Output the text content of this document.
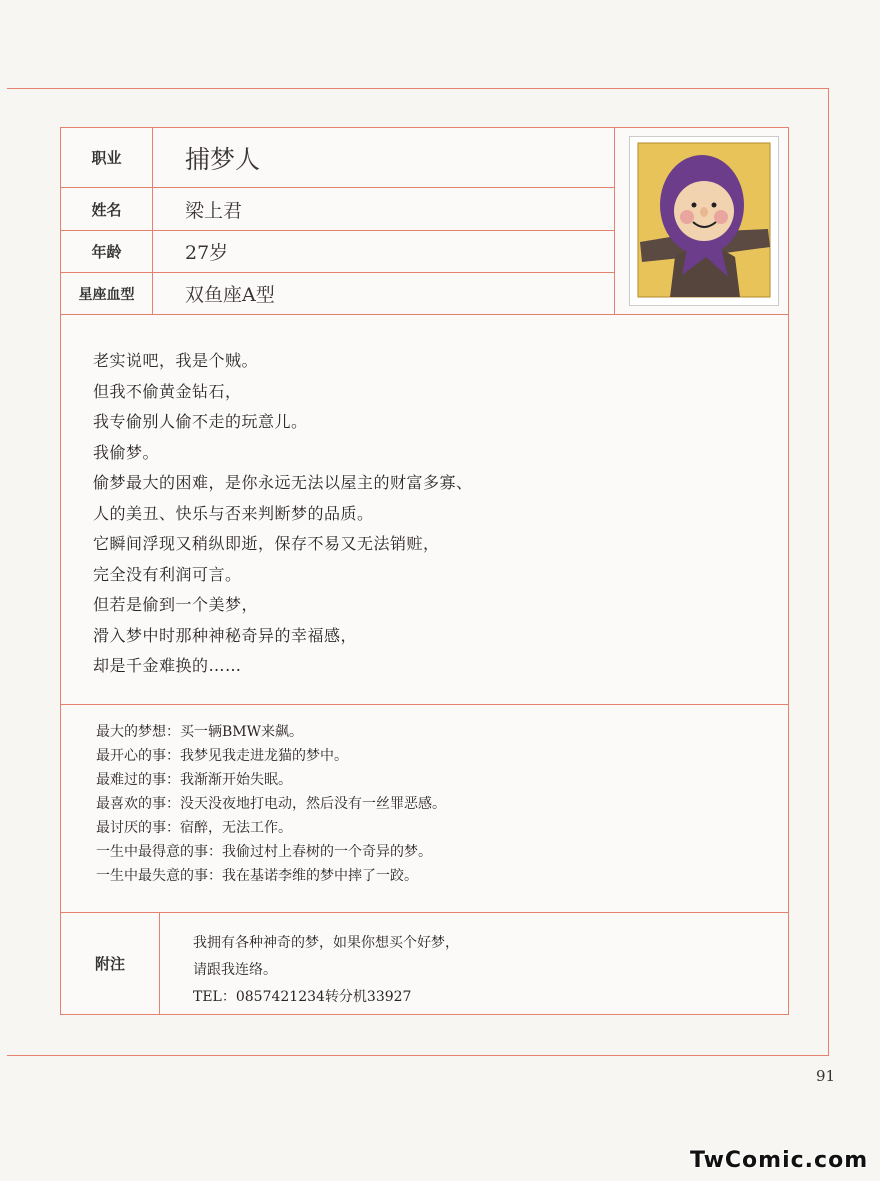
职业
姓名
年龄
星座血型
捕梦人
梁上君
27岁
双鱼座A型

老实说吧，我是个贼。

但我不偷黄金钻石，

我专偷别人偷不走的玩意儿。

我偷梦。

偷梦最大的困难，是你永远无法以屋主的财富多寡、

人的美丑、快乐与否来判断梦的品质。

它瞬间浮现又稍纵即逝，保存不易又无法销赃，

完全没有利润可言。

但若是偷到一个美梦，

滑入梦中时那种神秘奇异的幸福感，

却是千金难换的……

最大的梦想：买一辆BMW来飙。

最开心的事：我梦见我走进龙猫的梦中。

最难过的事：我渐渐开始失眠。

最喜欢的事：没天没夜地打电动，然后没有一丝罪恶感。

最讨厌的事：宿醉，无法工作。

一生中最得意的事：我偷过村上春树的一个奇异的梦。

一生中最失意的事：我在基诺李维的梦中摔了一跤。

附注

我拥有各种神奇的梦，如果你想买个好梦，

请跟我连络。

TEL：0857421234转分机33927

91
TwComic.com
